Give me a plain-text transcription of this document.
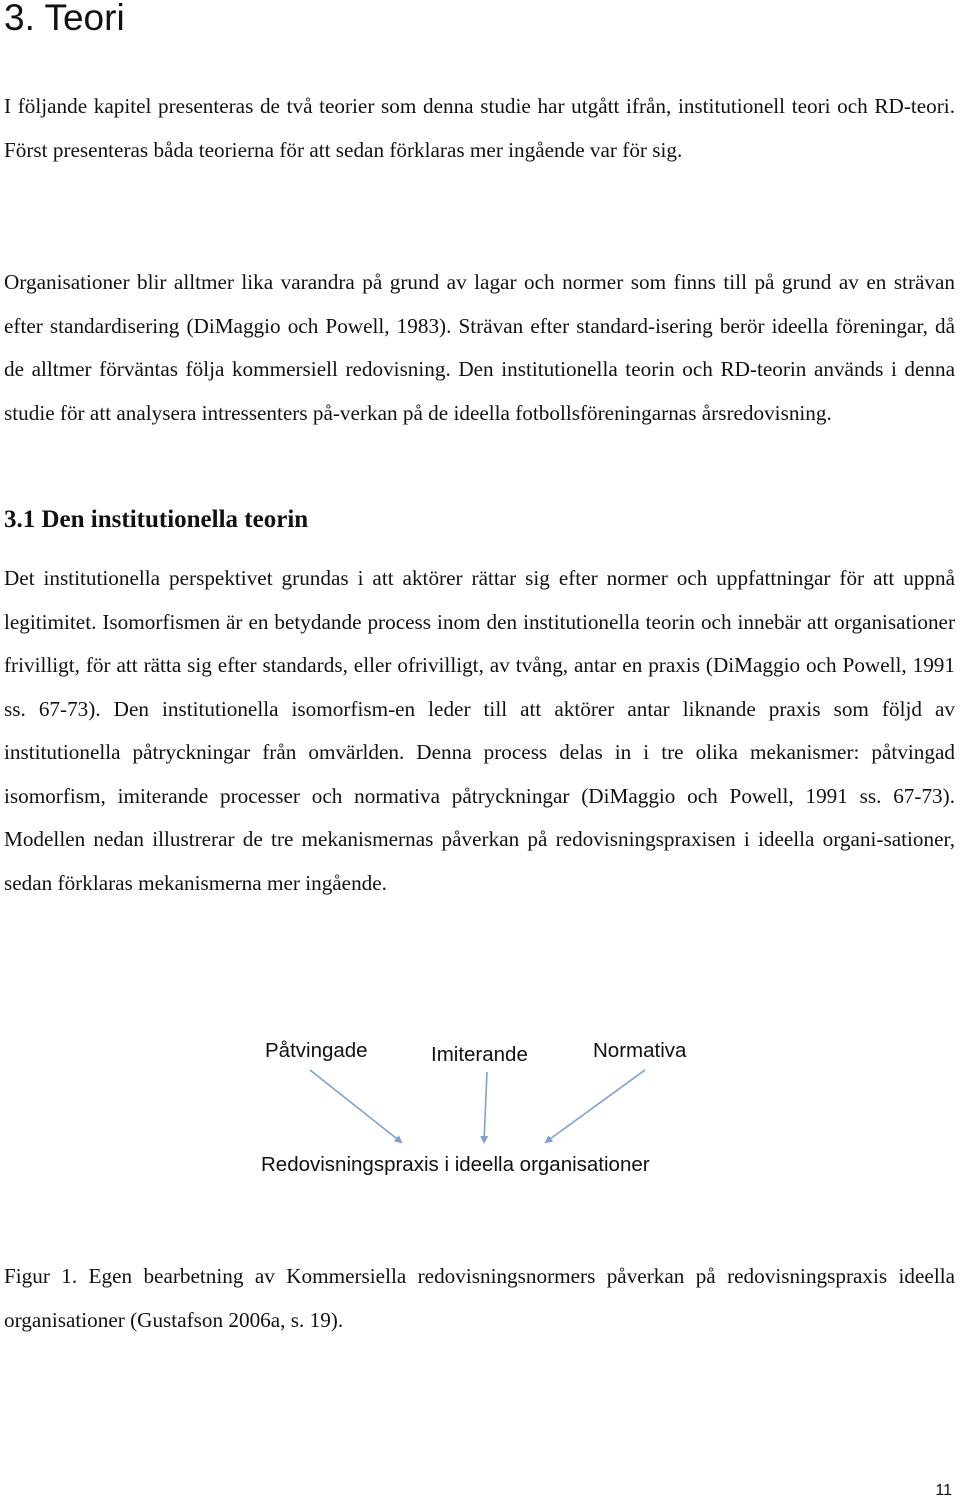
3. Teori

I följande kapitel presenteras de två teorier som denna studie har utgått ifrån, institutionell teori och RD-teori. Först presenteras båda teorierna för att sedan förklaras mer ingående var för sig.

Organisationer blir alltmer lika varandra på grund av lagar och normer som finns till på grund av en strävan efter standardisering (DiMaggio och Powell, 1983). Strävan efter standard-isering berör ideella föreningar, då de alltmer förväntas följa kommersiell redovisning. Den institutionella teorin och RD-teorin används i denna studie för att analysera intressenters på-verkan på de ideella fotbollsföreningarnas årsredovisning.

3.1 Den institutionella teorin

Det institutionella perspektivet grundas i att aktörer rättar sig efter normer och uppfattningar för att uppnå legitimitet. Isomorfismen är en betydande process inom den institutionella teorin och innebär att organisationer frivilligt, för att rätta sig efter standards, eller ofrivilligt, av tvång, antar en praxis (DiMaggio och Powell, 1991 ss. 67-73). Den institutionella isomorfism-en leder till att aktörer antar liknande praxis som följd av institutionella påtryckningar från omvärlden. Denna process delas in i tre olika mekanismer: påtvingad isomorfism, imiterande processer och normativa påtryckningar (DiMaggio och Powell, 1991 ss. 67-73). Modellen nedan illustrerar de tre mekanismernas påverkan på redovisningspraxisen i ideella organi-sationer, sedan förklaras mekanismerna mer ingående.

Påtvingade	Imiterande	Normativa

Redovisningspraxis i ideella organisationer

Figur 1. Egen bearbetning av Kommersiella redovisningsnormers påverkan på redovisningspraxis ideella organisationer (Gustafson 2006a, s. 19).

11
